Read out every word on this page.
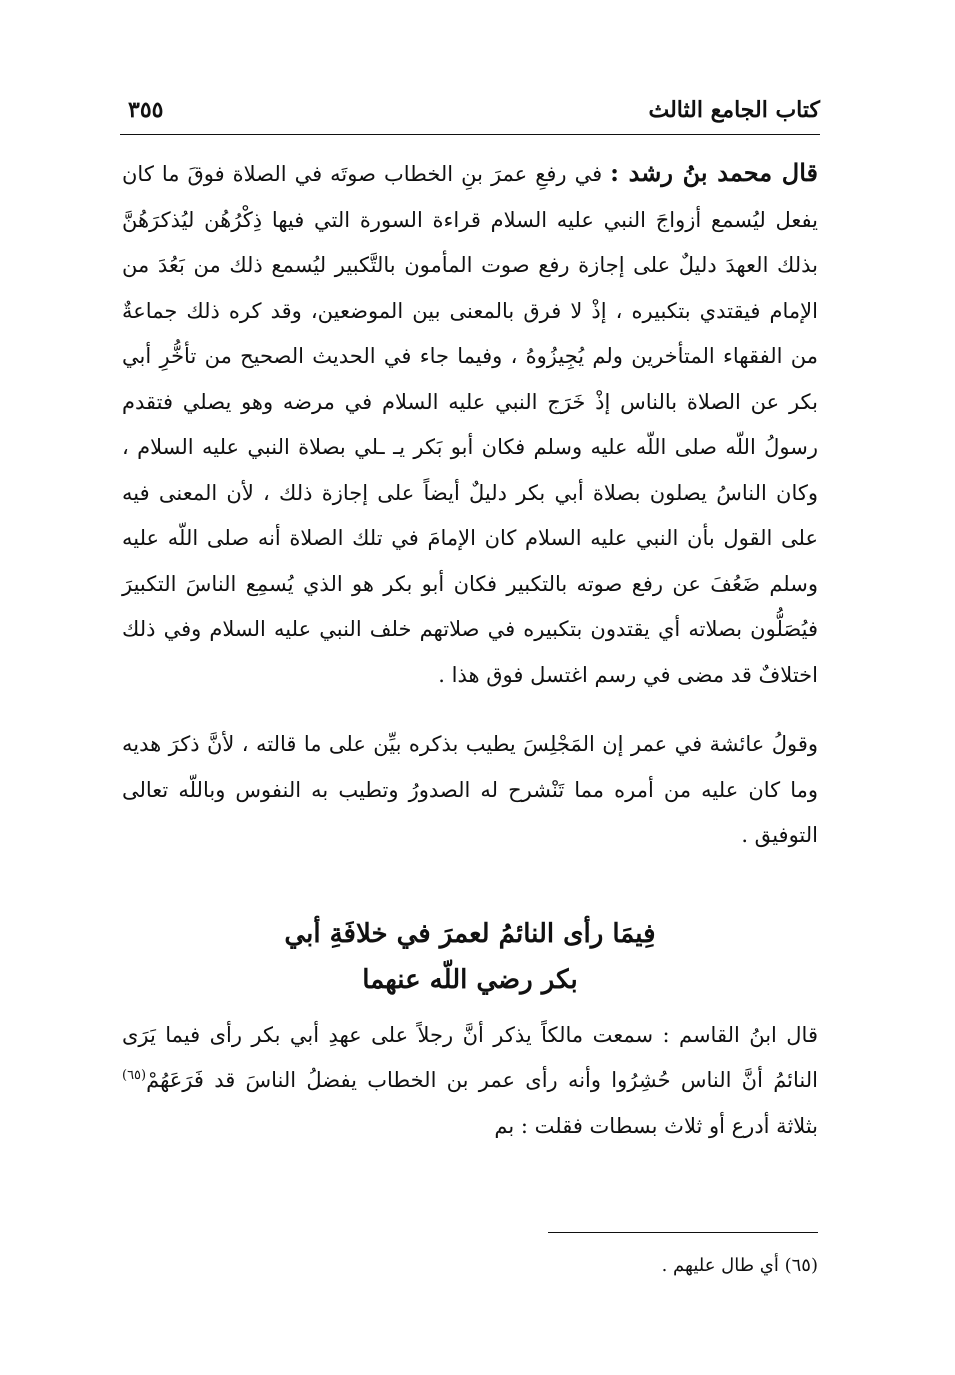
كتاب الجامع الثالث
٣٥٥

قال محمد بنُ رشد : في رفعِ عمرَ بنِ الخطاب صوتَه في الصلاة فوقَ ما كان يفعل ليُسمع أزواجَ النبي عليه السلام قراءة السورة التي فيها ذِكْرُهُن ليُذكرَهُنَّ بذلك العهدَ دليلٌ على إجازة رفع صوت المأمون بالتَّكبير ليُسمع ذلك من بَعُدَ من الإمام فيقتدي بتكبيره ، إذْ لا فرق بالمعنى بين الموضعين، وقد كره ذلك جماعةٌ من الفقهاء المتأخرين ولم يُجِيزُوهُ ، وفيما جاء في الحديث الصحيح من تأخُّرِ أبي بكر عن الصلاة بالناس إذْ خَرَج النبي عليه السلام في مرضه وهو يصلي فتقدم رسولُ اللّه صلى اللّه عليه وسلم فكان أبو بَكر يـ ـلي بصلاة النبي عليه السلام ، وكان الناسُ يصلون بصلاة أبي بكر دليلٌ أيضاً على إجازة ذلك ، لأن المعنى فيه على القول بأن النبي عليه السلام كان الإمامَ في تلك الصلاة أنه صلى اللّه عليه وسلم ضَعُفَ عن رفع صوته بالتكبير فكان أبو بكر هو الذي يُسمِع الناسَ التكبيرَ فيُصَلُّون بصلاته أي يقتدون بتكبيره في صلاتهم خلف النبي عليه السلام وفي ذلك اختلافٌ قد مضى في رسم اغتسل فوق هذا .

وقولُ عائشة في عمر إن المَجْلِسَ يطيب بذكره بيِّن على ما قالته ، لأنَّ ذكرَ هديه وما كان عليه من أمره مما تَنْشرح له الصدورُ وتطيب به النفوس وباللّه تعالى التوفيق .

فِيمَا رأى النائمُ لعمرَ في خلافَةِ أبي
بكر رضي اللّه عنهما

قال ابنُ القاسم : سمعت مالكاً يذكر أنَّ رجلاً على عهدِ أبي بكر رأى فيما يَرَى النائمُ أنَّ الناس حُشِرُوا وأنه رأى عمر بن الخطاب يفضلُ الناسَ قد فَرَعَهُمْ$^{(٦٥)}$ بثلاثة أدرع أو ثلاث بسطات فقلت : بم

(٦٥) أي طال عليهم .
